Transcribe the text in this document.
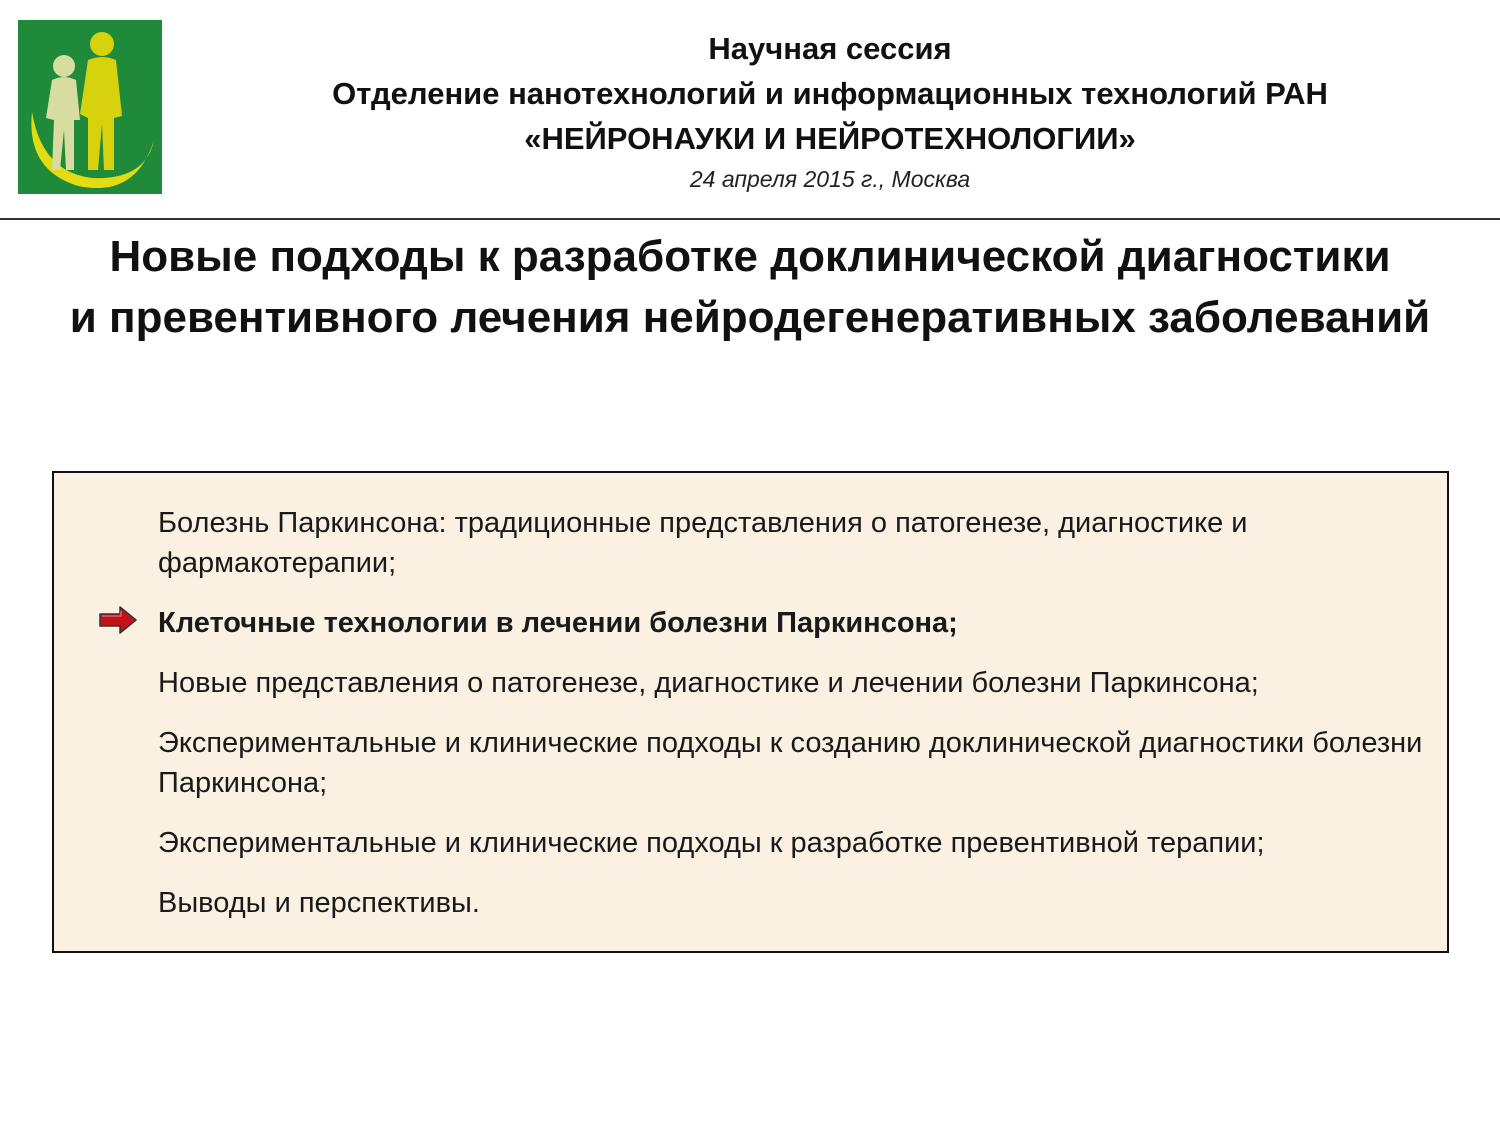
Научная сессия
Отделение нанотехнологий и информационных технологий РАН
«НЕЙРОНАУКИ И НЕЙРОТЕХНОЛОГИИ»
24 апреля 2015 г., Москва
Новые подходы к разработке доклинической диагностики
и превентивного лечения нейродегенеративных заболеваний
Болезнь Паркинсона: традиционные представления о патогенезе, диагностике и фармакотерапии;
Клеточные технологии в лечении болезни Паркинсона;
Новые представления о патогенезе, диагностике и лечении болезни Паркинсона;
Экспериментальные и клинические подходы к созданию доклинической диагностики болезни Паркинсона;
Экспериментальные и клинические подходы к разработке превентивной терапии;
Выводы и перспективы.
